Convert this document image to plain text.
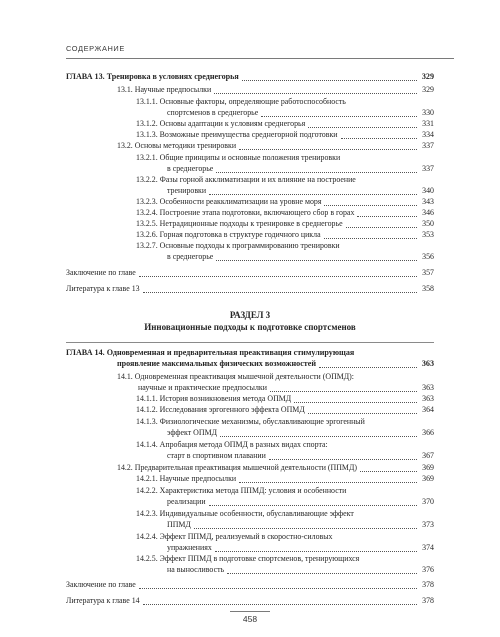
СОДЕРЖАНИЕ
ГЛАВА 13. Тренировка в условиях среднегорья	329
13.1. Научные предпосылки	329
13.1.1. Основные факторы, определяющие работоспособность
спортсменов в среднегорье	330
13.1.2. Основы адаптации к условиям среднегорья	331
13.1.3. Возможные преимущества среднегорной подготовки	334
13.2. Основы методики тренировки	337
13.2.1. Общие принципы и основные положения тренировки
в среднегорье	337
13.2.2. Фазы горной акклиматизации и их влияние на построение
тренировки	340
13.2.3. Особенности реакклиматизации на уровне моря	343
13.2.4. Построение этапа подготовки, включающего сбор в горах	346
13.2.5. Нетрадиционные подходы к тренировке в среднегорье	350
13.2.6. Горная подготовка в структуре годичного цикла	353
13.2.7. Основные подходы к программированию тренировки
в среднегорье	356
Заключение по главе	357
Литература к главе 13	358
РАЗДЕЛ 3
Инновационные подходы к подготовке спортсменов
ГЛАВА 14. Одновременная и предварительная преактивация стимулирующая
проявление максимальных физических возможностей	363
14.1. Одновременная преактивация мышечной деятельности (ОПМД):
научные и практические предпосылки	363
14.1.1. История возникновения метода ОПМД	363
14.1.2. Исследования эргогенного эффекта ОПМД	364
14.1.3. Физиологические механизмы, обуславливающие эргогенный
эффект ОПМД	366
14.1.4. Апробация метода ОПМД в разных видах спорта:
старт в спортивном плавании	367
14.2. Предварительная преактивация мышечной деятельности (ППМД)	369
14.2.1. Научные предпосылки	369
14.2.2. Характеристика метода ППМД: условия и особенности
реализации	370
14.2.3. Индивидуальные особенности, обуславливающие эффект
ППМД	373
14.2.4. Эффект ППМД, реализуемый в скоростно-силовых
упражнениях	374
14.2.5. Эффект ППМД в подготовке спортсменов, тренирующихся
на выносливость	376
Заключение по главе	378
Литература к главе 14	378
458
